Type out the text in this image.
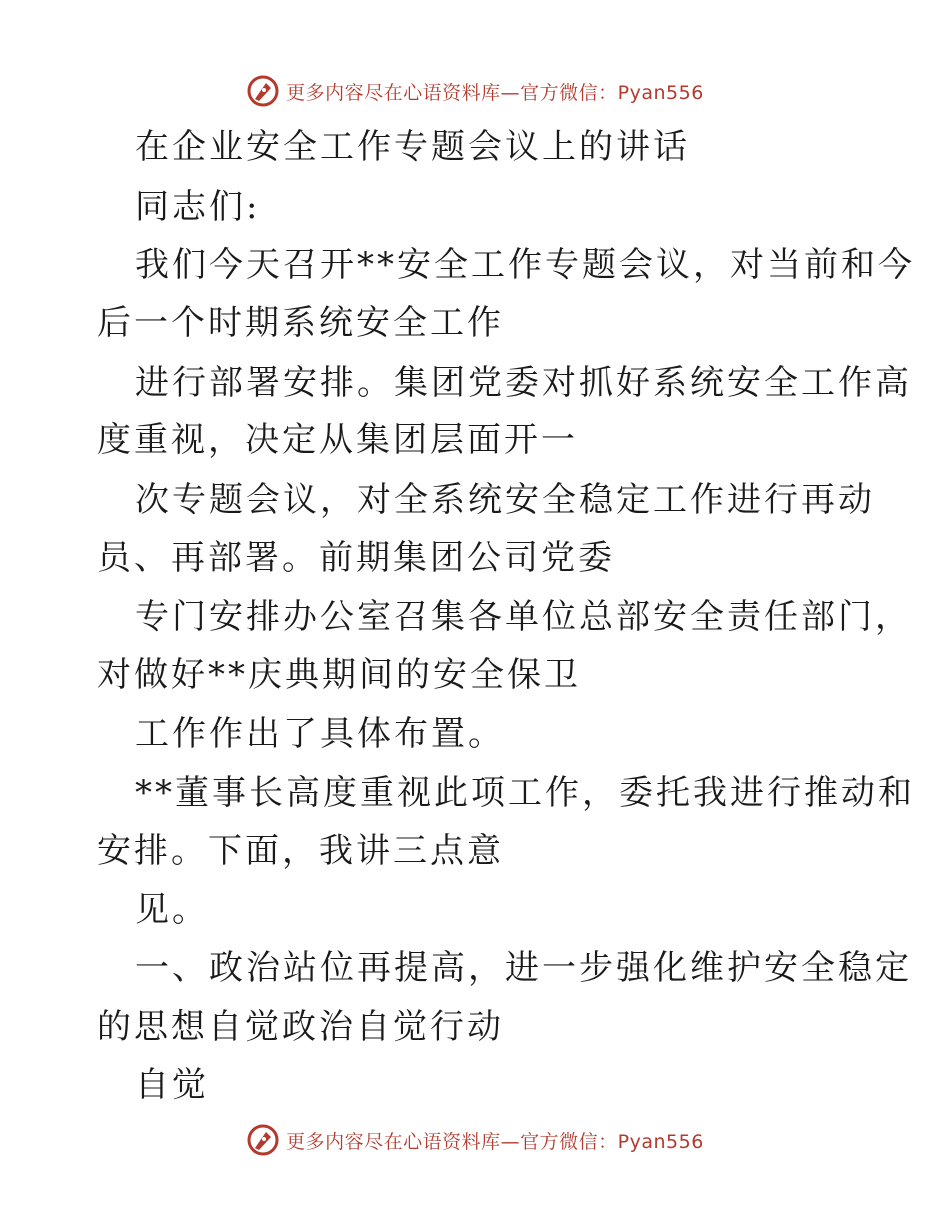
更多内容尽在心语资料库—官方微信：Pyan556
在企业安全工作专题会议上的讲话
同志们:
我们今天召开**安全工作专题会议，对当前和今
后一个时期系统安全工作
进行部署安排。集团党委对抓好系统安全工作高
度重视，决定从集团层面开一
次专题会议，对全系统安全稳定工作进行再动
员、再部署。前期集团公司党委
专门安排办公室召集各单位总部安全责任部门，
对做好**庆典期间的安全保卫
工作作出了具体布置。
**董事长高度重视此项工作，委托我进行推动和
安排。下面，我讲三点意
见。
一、政治站位再提高，进一步强化维护安全稳定
的思想自觉政治自觉行动
自觉
更多内容尽在心语资料库—官方微信：Pyan556
